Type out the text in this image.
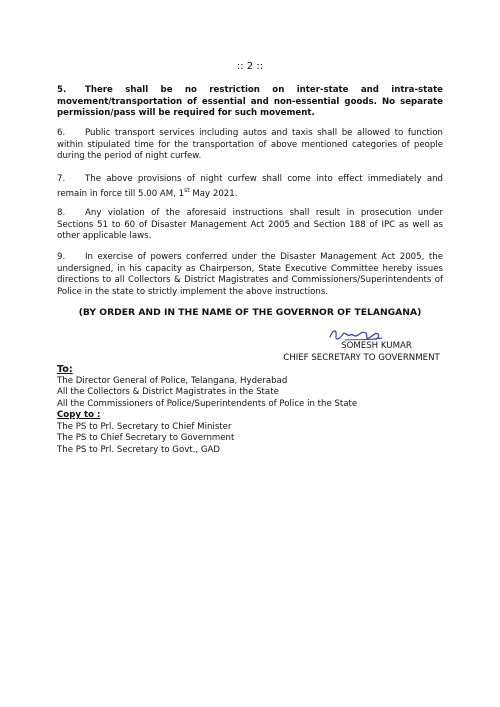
:: 2 ::

5. There shall be no restriction on inter-state and intra-state movement/transportation of essential and non-essential goods. No separate permission/pass will be required for such movement.

6. Public transport services including autos and taxis shall be allowed to function within stipulated time for the transportation of above mentioned categories of people during the period of night curfew.

7. The above provisions of night curfew shall come into effect immediately and remain in force till 5.00 AM, 1st May 2021.

8. Any violation of the aforesaid instructions shall result in prosecution under Sections 51 to 60 of Disaster Management Act 2005 and Section 188 of IPC as well as other applicable laws.

9. In exercise of powers conferred under the Disaster Management Act 2005, the undersigned, in his capacity as Chairperson, State Executive Committee hereby issues directions to all Collectors & District Magistrates and Commissioners/Superintendents of Police in the state to strictly implement the above instructions.

(BY ORDER AND IN THE NAME OF THE GOVERNOR OF TELANGANA)
SOMESH KUMAR
CHIEF SECRETARY TO GOVERNMENT
To:
The Director General of Police, Telangana, Hyderabad
All the Collectors & District Magistrates in the State
All the Commissioners of Police/Superintendents of Police in the State
Copy to :
The PS to Prl. Secretary to Chief Minister
The PS to Chief Secretary to Government
The PS to Prl. Secretary to Govt., GAD
